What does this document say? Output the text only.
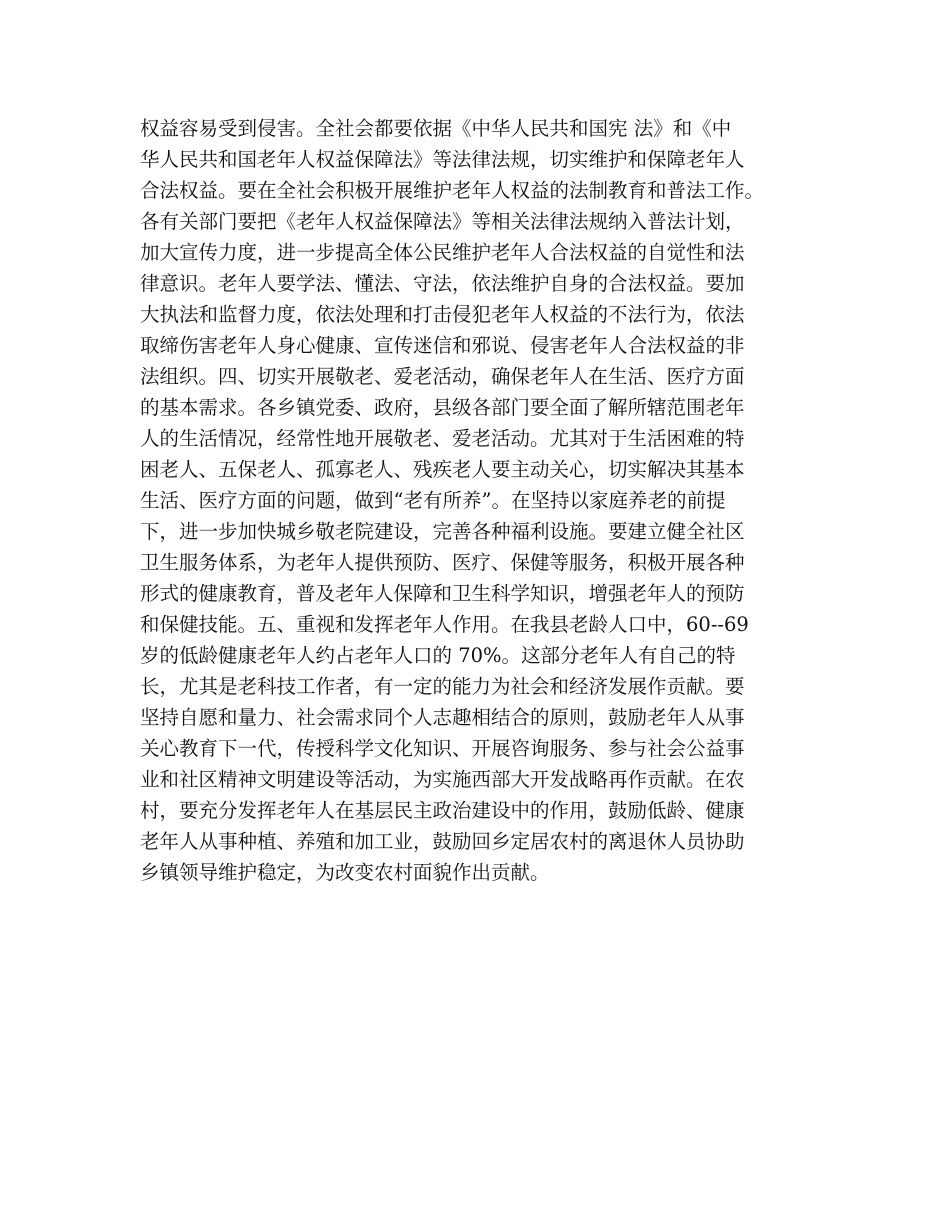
权益容易受到侵害。全社会都要依据《中华人民共和国宪 法》和《中
华人民共和国老年人权益保障法》等法律法规，切实维护和保障老年人
合法权益。要在全社会积极开展维护老年人权益的法制教育和普法工作。
各有关部门要把《老年人权益保障法》等相关法律法规纳入普法计划，
加大宣传力度，进一步提高全体公民维护老年人合法权益的自觉性和法
律意识。老年人要学法、懂法、守法，依法维护自身的合法权益。要加
大执法和监督力度，依法处理和打击侵犯老年人权益的不法行为，依法
取缔伤害老年人身心健康、宣传迷信和邪说、侵害老年人合法权益的非
法组织。四、切实开展敬老、爱老活动，确保老年人在生活、医疗方面
的基本需求。各乡镇党委、政府，县级各部门要全面了解所辖范围老年
人的生活情况，经常性地开展敬老、爱老活动。尤其对于生活困难的特
困老人、五保老人、孤寡老人、残疾老人要主动关心，切实解决其基本
生活、医疗方面的问题，做到“老有所养”。在坚持以家庭养老的前提
下，进一步加快城乡敬老院建设，完善各种福利设施。要建立健全社区
卫生服务体系，为老年人提供预防、医疗、保健等服务，积极开展各种
形式的健康教育，普及老年人保障和卫生科学知识，增强老年人的预防
和保健技能。五、重视和发挥老年人作用。在我县老龄人口中，60--69
岁的低龄健康老年人约占老年人口的 70%。这部分老年人有自己的特
长，尤其是老科技工作者，有一定的能力为社会和经济发展作贡献。要
坚持自愿和量力、社会需求同个人志趣相结合的原则，鼓励老年人从事
关心教育下一代，传授科学文化知识、开展咨询服务、参与社会公益事
业和社区精神文明建设等活动，为实施西部大开发战略再作贡献。在农
村，要充分发挥老年人在基层民主政治建设中的作用，鼓励低龄、健康
老年人从事种植、养殖和加工业，鼓励回乡定居农村的离退休人员协助
乡镇领导维护稳定，为改变农村面貌作出贡献。
